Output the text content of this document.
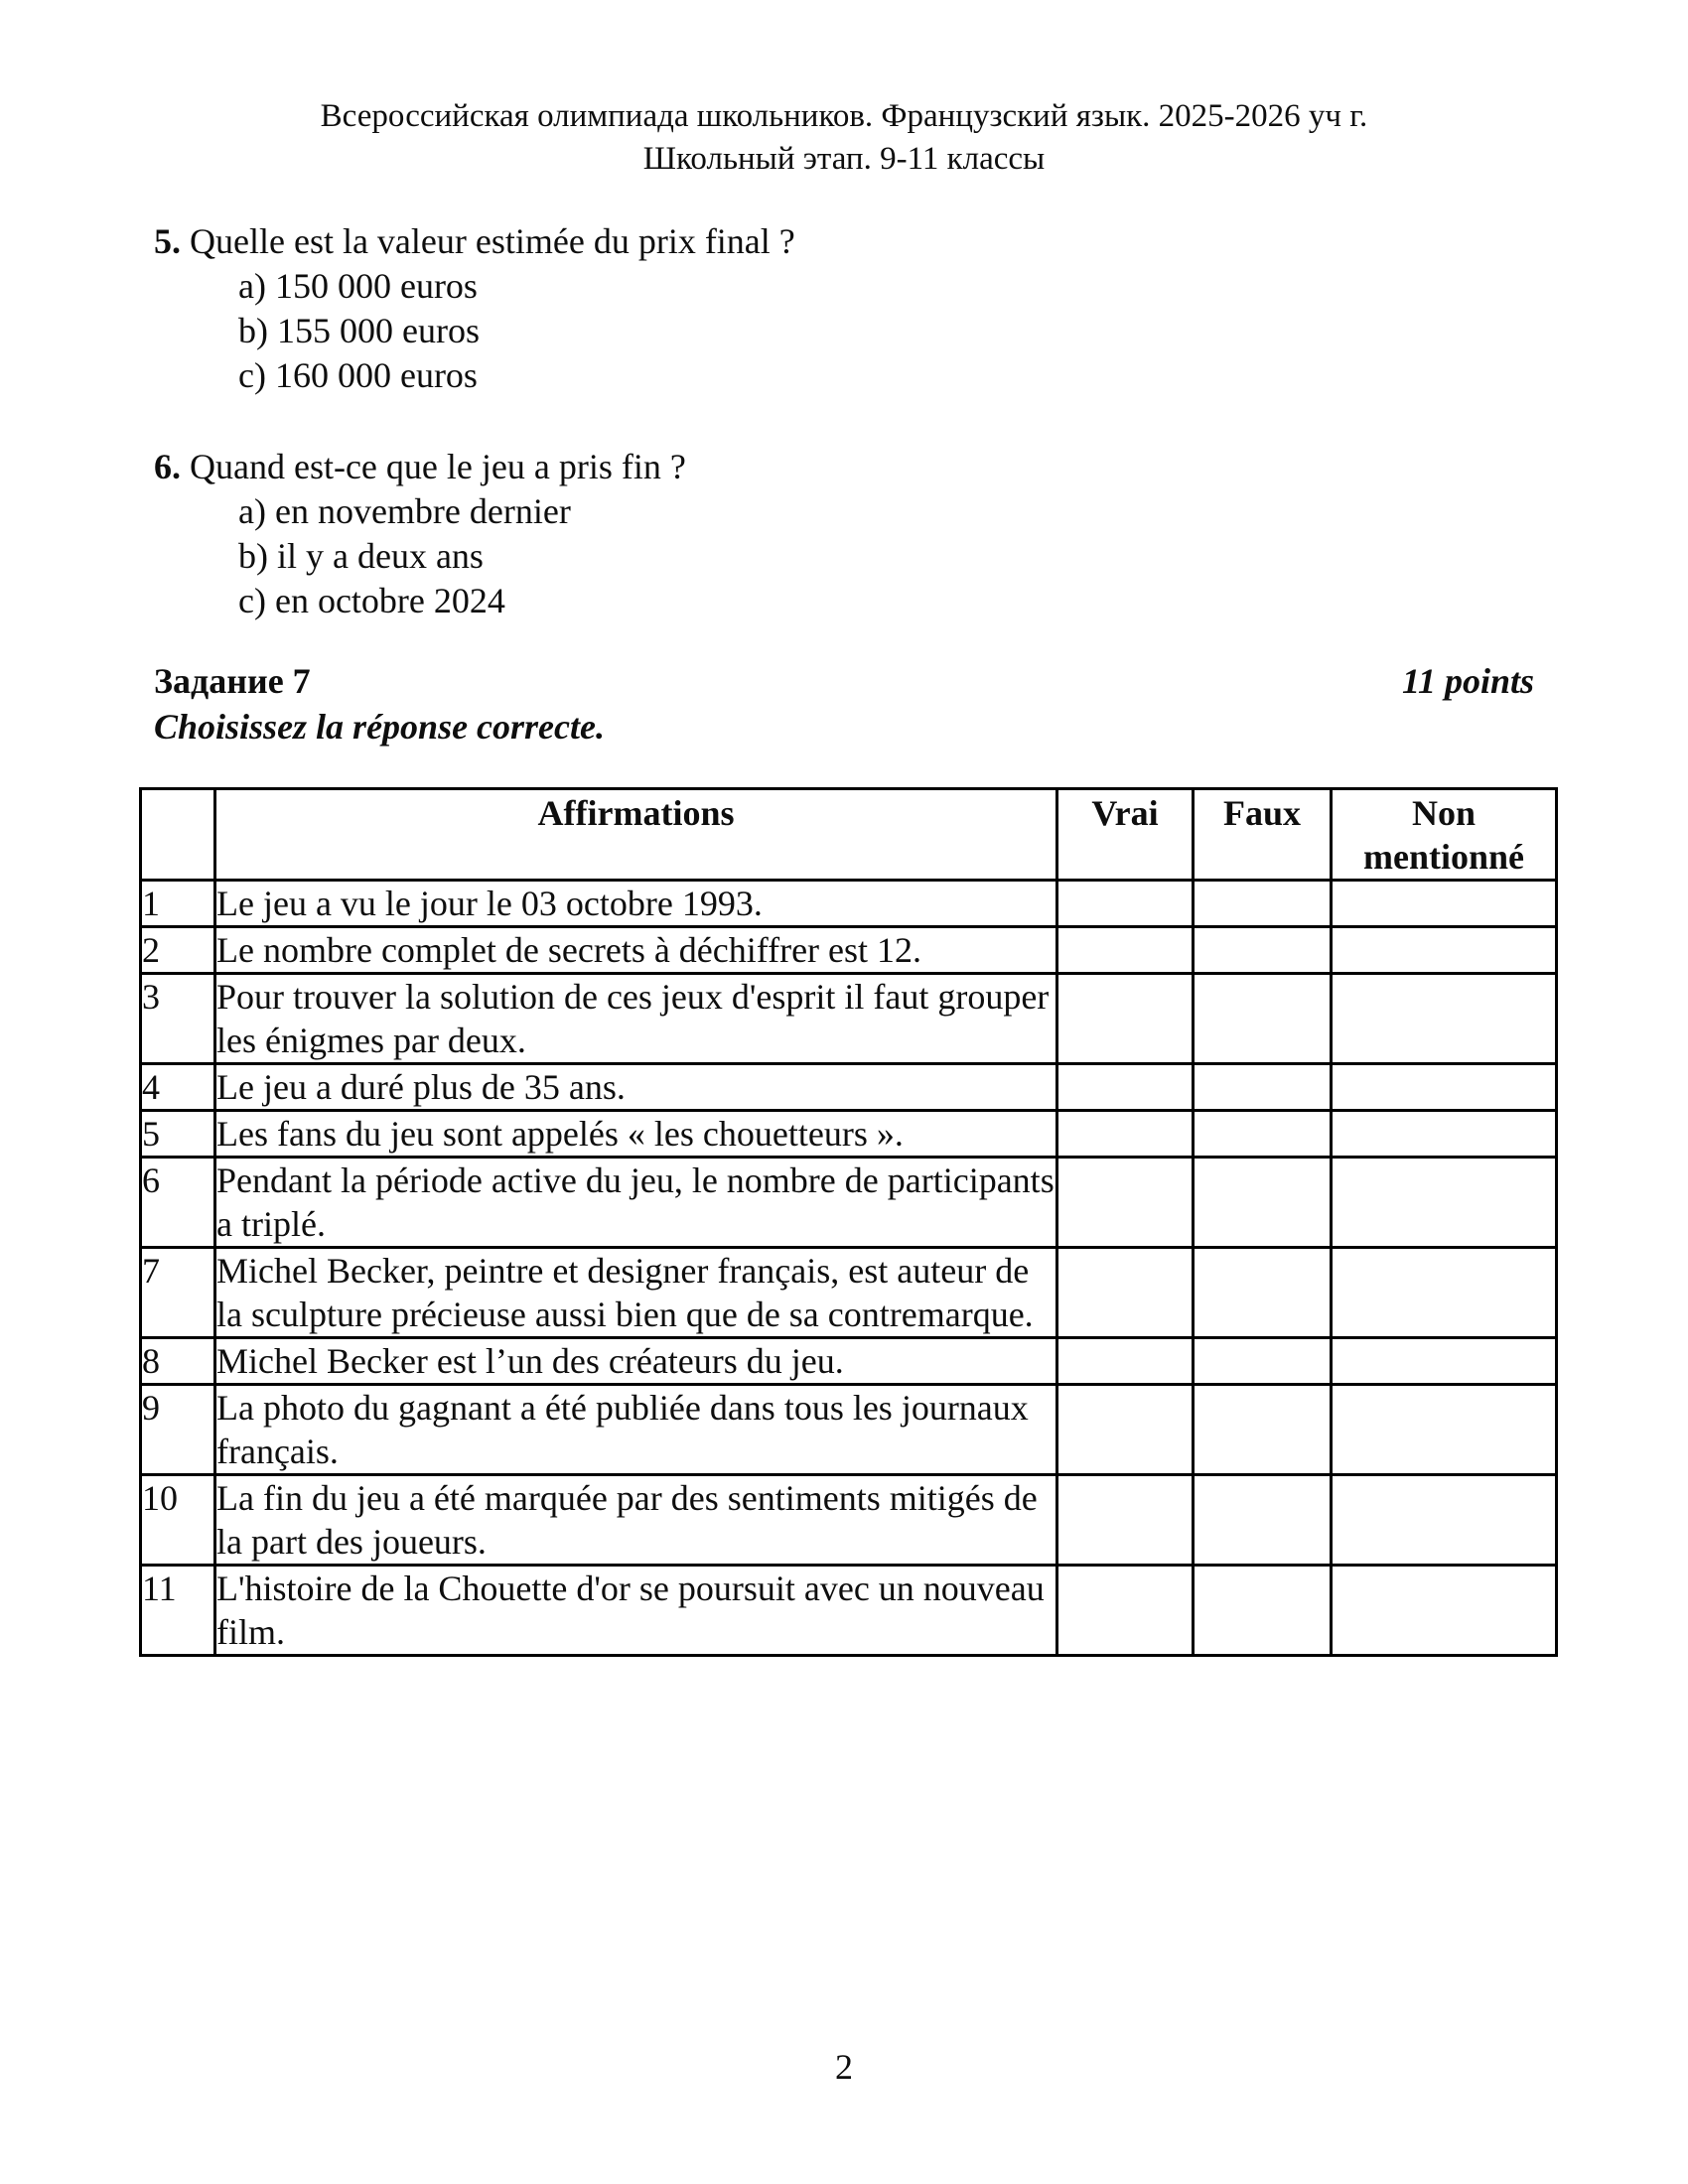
Всероссийская олимпиада школьников. Французский язык. 2025-2026 уч г.
Школьный этап. 9-11 классы
5. Quelle est la valeur estimée du prix final ?
a) 150 000 euros
b) 155 000 euros
c) 160 000 euros
6. Quand est-ce que le jeu a pris fin ?
a) en novembre dernier
b) il y a deux ans
c) en octobre 2024
Задание 7	11 points
Choisissez la réponse correcte.
	Affirmations	Vrai	Faux	Non mentionné
1	Le jeu a vu le jour le 03 octobre 1993.			
2	Le nombre complet de secrets à déchiffrer est 12.			
3	Pour trouver la solution de ces jeux d'esprit il faut grouper les énigmes par deux.			
4	Le jeu a duré plus de 35 ans.			
5	Les fans du jeu sont appelés « les chouetteurs ».			
6	Pendant la période active du jeu, le nombre de participants a triplé.			
7	Michel Becker, peintre et designer français, est auteur de la sculpture précieuse aussi bien que de sa contremarque.			
8	Michel Becker est l’un des créateurs du jeu.			
9	La photo du gagnant a été publiée dans tous les journaux français.			
10	La fin du jeu a été marquée par des sentiments mitigés de la part des joueurs.			
11	L'histoire de la Chouette d'or se poursuit avec un nouveau film.			
2
